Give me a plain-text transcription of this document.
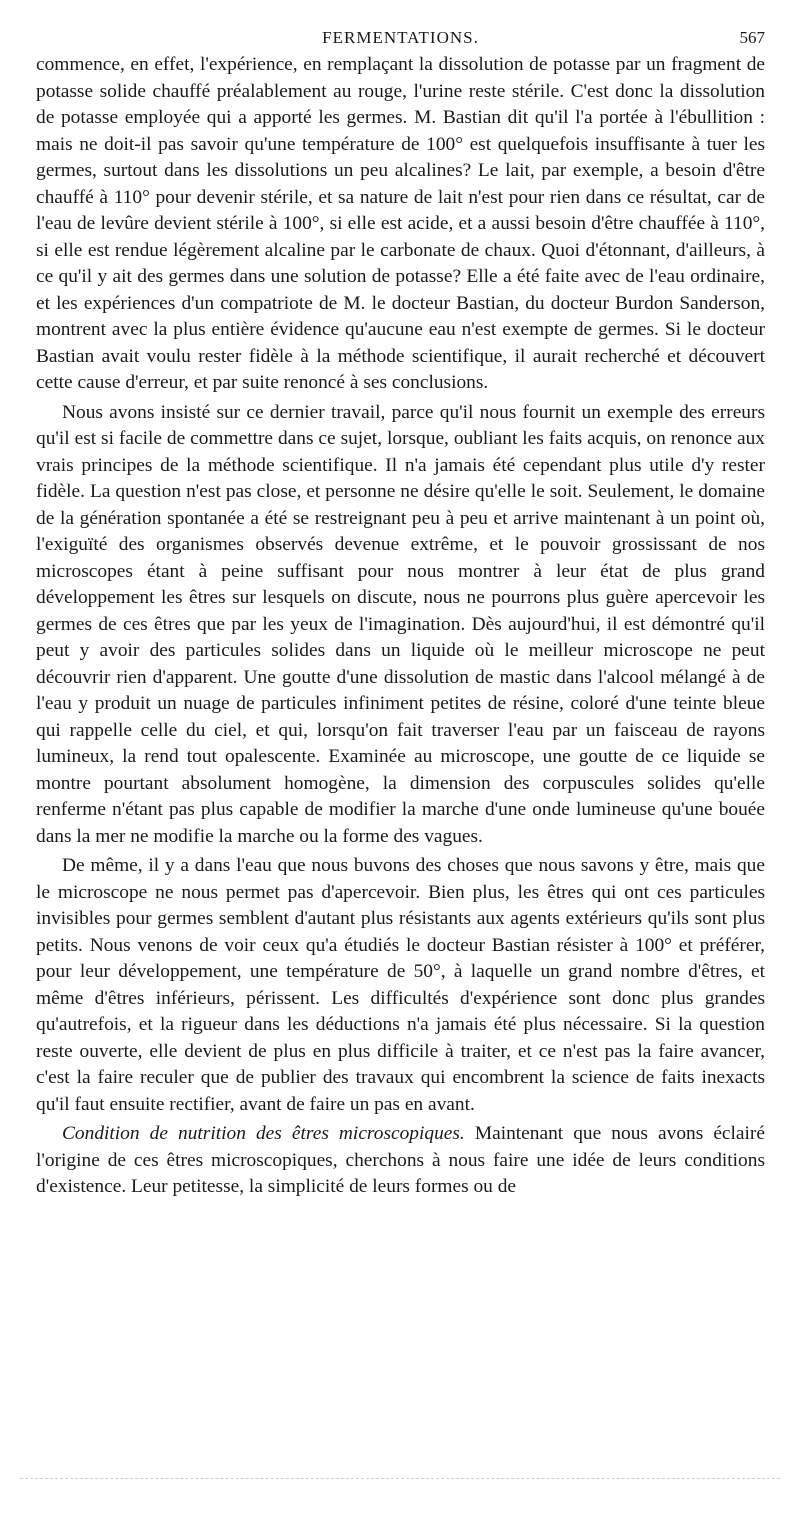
FERMENTATIONS.	567

commence, en effet, l'expérience, en remplaçant la dissolution de potasse par un fragment de potasse solide chauffé préalablement au rouge, l'urine reste stérile. C'est donc la dissolution de potasse employée qui a apporté les germes. M. Bastian dit qu'il l'a portée à l'ébullition : mais ne doit-il pas savoir qu'une température de 100° est quelquefois insuffisante à tuer les germes, surtout dans les dissolutions un peu alcalines? Le lait, par exemple, a besoin d'être chauffé à 110° pour devenir stérile, et sa nature de lait n'est pour rien dans ce résultat, car de l'eau de levûre devient stérile à 100°, si elle est acide, et a aussi besoin d'être chauffée à 110°, si elle est rendue légèrement alcaline par le carbonate de chaux. Quoi d'étonnant, d'ailleurs, à ce qu'il y ait des germes dans une solution de potasse? Elle a été faite avec de l'eau ordinaire, et les expériences d'un compatriote de M. le docteur Bastian, du docteur Burdon Sanderson, montrent avec la plus entière évidence qu'aucune eau n'est exempte de germes. Si le docteur Bastian avait voulu rester fidèle à la méthode scientifique, il aurait recherché et découvert cette cause d'erreur, et par suite renoncé à ses conclusions.

Nous avons insisté sur ce dernier travail, parce qu'il nous fournit un exemple des erreurs qu'il est si facile de commettre dans ce sujet, lorsque, oubliant les faits acquis, on renonce aux vrais principes de la méthode scientifique. Il n'a jamais été cependant plus utile d'y rester fidèle. La question n'est pas close, et personne ne désire qu'elle le soit. Seulement, le domaine de la génération spontanée a été se restreignant peu à peu et arrive maintenant à un point où, l'exiguïté des organismes observés devenue extrême, et le pouvoir grossissant de nos microscopes étant à peine suffisant pour nous montrer à leur état de plus grand développement les êtres sur lesquels on discute, nous ne pourrons plus guère apercevoir les germes de ces êtres que par les yeux de l'imagination. Dès aujourd'hui, il est démontré qu'il peut y avoir des particules solides dans un liquide où le meilleur microscope ne peut découvrir rien d'apparent. Une goutte d'une dissolution de mastic dans l'alcool mélangé à de l'eau y produit un nuage de particules infiniment petites de résine, coloré d'une teinte bleue qui rappelle celle du ciel, et qui, lorsqu'on fait traverser l'eau par un faisceau de rayons lumineux, la rend tout opalescente. Examinée au microscope, une goutte de ce liquide se montre pourtant absolument homogène, la dimension des corpuscules solides qu'elle renferme n'étant pas plus capable de modifier la marche d'une onde lumineuse qu'une bouée dans la mer ne modifie la marche ou la forme des vagues.

De même, il y a dans l'eau que nous buvons des choses que nous savons y être, mais que le microscope ne nous permet pas d'apercevoir. Bien plus, les êtres qui ont ces particules invisibles pour germes semblent d'autant plus résistants aux agents extérieurs qu'ils sont plus petits. Nous venons de voir ceux qu'a étudiés le docteur Bastian résister à 100° et préférer, pour leur développement, une température de 50°, à laquelle un grand nombre d'êtres, et même d'êtres inférieurs, périssent. Les difficultés d'expérience sont donc plus grandes qu'autrefois, et la rigueur dans les déductions n'a jamais été plus nécessaire. Si la question reste ouverte, elle devient de plus en plus difficile à traiter, et ce n'est pas la faire avancer, c'est la faire reculer que de publier des travaux qui encombrent la science de faits inexacts qu'il faut ensuite rectifier, avant de faire un pas en avant.

Condition de nutrition des êtres microscopiques. Maintenant que nous avons éclairé l'origine de ces êtres microscopiques, cherchons à nous faire une idée de leurs conditions d'existence. Leur petitesse, la simplicité de leurs formes ou de
